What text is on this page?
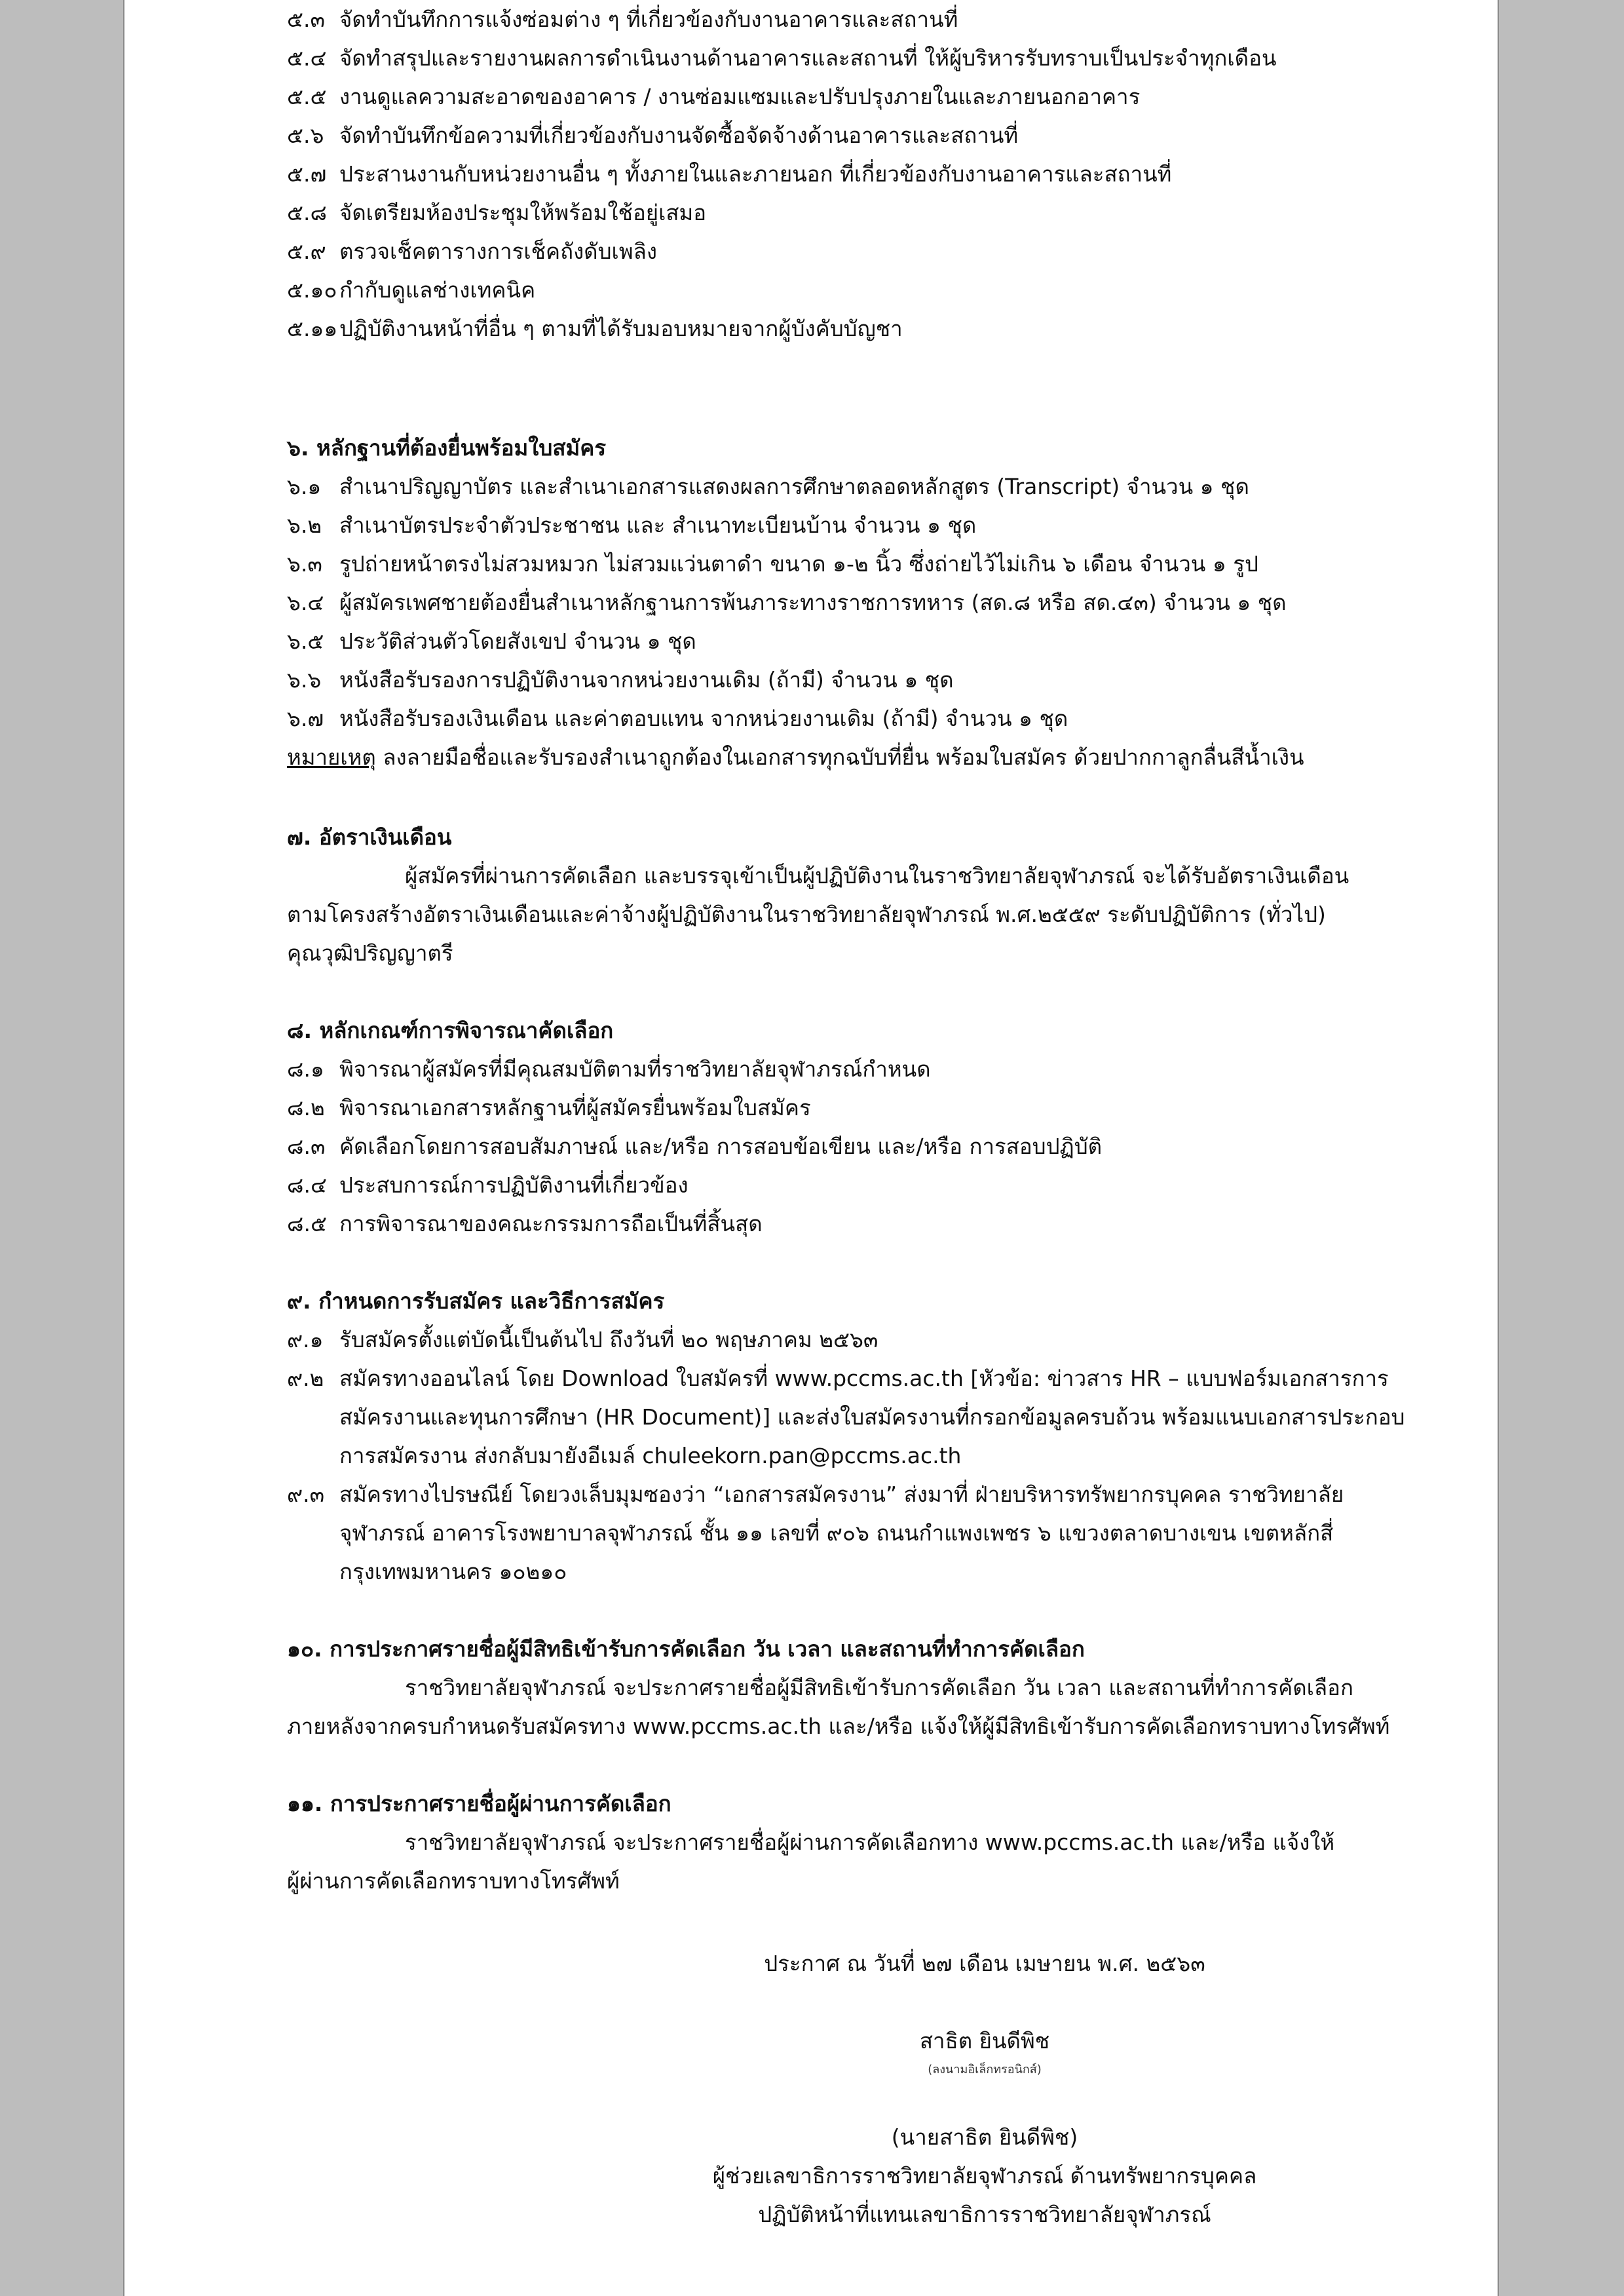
๕.๓ จัดทำบันทึกการแจ้งซ่อมต่าง ๆ ที่เกี่ยวข้องกับงานอาคารและสถานที่
๕.๔ จัดทำสรุปและรายงานผลการดำเนินงานด้านอาคารและสถานที่ ให้ผู้บริหารรับทราบเป็นประจำทุกเดือน
๕.๕ งานดูแลความสะอาดของอาคาร / งานซ่อมแซมและปรับปรุงภายในและภายนอกอาคาร
๕.๖ จัดทำบันทึกข้อความที่เกี่ยวข้องกับงานจัดซื้อจัดจ้างด้านอาคารและสถานที่
๕.๗ ประสานงานกับหน่วยงานอื่น ๆ ทั้งภายในและภายนอก ที่เกี่ยวข้องกับงานอาคารและสถานที่
๕.๘ จัดเตรียมห้องประชุมให้พร้อมใช้อยู่เสมอ
๕.๙ ตรวจเช็คตารางการเช็คถังดับเพลิง
๕.๑๐ กำกับดูแลช่างเทคนิค
๕.๑๑ปฏิบัติงานหน้าที่อื่น ๆ ตามที่ได้รับมอบหมายจากผู้บังคับบัญชา
๖. หลักฐานที่ต้องยื่นพร้อมใบสมัคร
๖.๑ สำเนาปริญญาบัตร และสำเนาเอกสารแสดงผลการศึกษาตลอดหลักสูตร (Transcript) จำนวน ๑ ชุด
๖.๒ สำเนาบัตรประจำตัวประชาชน และ สำเนาทะเบียนบ้าน จำนวน ๑ ชุด
๖.๓ รูปถ่ายหน้าตรงไม่สวมหมวก ไม่สวมแว่นตาดำ ขนาด ๑-๒ นิ้ว ซึ่งถ่ายไว้ไม่เกิน ๖ เดือน จำนวน ๑ รูป
๖.๔ ผู้สมัครเพศชายต้องยื่นสำเนาหลักฐานการพ้นภาระทางราชการทหาร (สด.๘ หรือ สด.๔๓) จำนวน ๑ ชุด
๖.๕ ประวัติส่วนตัวโดยสังเขป จำนวน ๑ ชุด
๖.๖ หนังสือรับรองการปฏิบัติงานจากหน่วยงานเดิม (ถ้ามี) จำนวน ๑ ชุด
๖.๗ หนังสือรับรองเงินเดือน และค่าตอบแทน จากหน่วยงานเดิม (ถ้ามี) จำนวน ๑ ชุด
หมายเหตุ ลงลายมือชื่อและรับรองสำเนาถูกต้องในเอกสารทุกฉบับที่ยื่น พร้อมใบสมัคร ด้วยปากกาลูกลื่นสีน้ำเงิน
๗. อัตราเงินเดือน
ผู้สมัครที่ผ่านการคัดเลือก และบรรจุเข้าเป็นผู้ปฏิบัติงานในราชวิทยาลัยจุฬาภรณ์ จะได้รับอัตราเงินเดือน
ตามโครงสร้างอัตราเงินเดือนและค่าจ้างผู้ปฏิบัติงานในราชวิทยาลัยจุฬาภรณ์ พ.ศ.๒๕๕๙ ระดับปฏิบัติการ (ทั่วไป)
คุณวุฒิปริญญาตรี
๘. หลักเกณฑ์การพิจารณาคัดเลือก
๘.๑ พิจารณาผู้สมัครที่มีคุณสมบัติตามที่ราชวิทยาลัยจุฬาภรณ์กำหนด
๘.๒ พิจารณาเอกสารหลักฐานที่ผู้สมัครยื่นพร้อมใบสมัคร
๘.๓ คัดเลือกโดยการสอบสัมภาษณ์ และ/หรือ การสอบข้อเขียน และ/หรือ การสอบปฏิบัติ
๘.๔ ประสบการณ์การปฏิบัติงานที่เกี่ยวข้อง
๘.๕ การพิจารณาของคณะกรรมการถือเป็นที่สิ้นสุด
๙. กำหนดการรับสมัคร และวิธีการสมัคร
๙.๑ รับสมัครตั้งแต่บัดนี้เป็นต้นไป ถึงวันที่ ๒๐ พฤษภาคม ๒๕๖๓
๙.๒ สมัครทางออนไลน์ โดย Download ใบสมัครที่ www.pccms.ac.th [หัวข้อ: ข่าวสาร HR – แบบฟอร์มเอกสารการ
สมัครงานและทุนการศึกษา (HR Document)] และส่งใบสมัครงานที่กรอกข้อมูลครบถ้วน พร้อมแนบเอกสารประกอบ
การสมัครงาน ส่งกลับมายังอีเมล์ chuleekorn.pan@pccms.ac.th
๙.๓ สมัครทางไปรษณีย์ โดยวงเล็บมุมซองว่า “เอกสารสมัครงาน” ส่งมาที่ ฝ่ายบริหารทรัพยากรบุคคล ราชวิทยาลัย
จุฬาภรณ์ อาคารโรงพยาบาลจุฬาภรณ์ ชั้น ๑๑ เลขที่ ๙๐๖ ถนนกำแพงเพชร ๖ แขวงตลาดบางเขน เขตหลักสี่
กรุงเทพมหานคร ๑๐๒๑๐
๑๐. การประกาศรายชื่อผู้มีสิทธิเข้ารับการคัดเลือก วัน เวลา และสถานที่ทำการคัดเลือก
ราชวิทยาลัยจุฬาภรณ์ จะประกาศรายชื่อผู้มีสิทธิเข้ารับการคัดเลือก วัน เวลา และสถานที่ทำการคัดเลือก
ภายหลังจากครบกำหนดรับสมัครทาง www.pccms.ac.th และ/หรือ แจ้งให้ผู้มีสิทธิเข้ารับการคัดเลือกทราบทางโทรศัพท์
๑๑. การประกาศรายชื่อผู้ผ่านการคัดเลือก
ราชวิทยาลัยจุฬาภรณ์ จะประกาศรายชื่อผู้ผ่านการคัดเลือกทาง www.pccms.ac.th และ/หรือ แจ้งให้
ผู้ผ่านการคัดเลือกทราบทางโทรศัพท์
ประกาศ ณ วันที่ ๒๗ เดือน เมษายน พ.ศ. ๒๕๖๓
สาธิต ยินดีพิช
(ลงนามอิเล็กทรอนิกส์)
(นายสาธิต ยินดีพิช)
ผู้ช่วยเลขาธิการราชวิทยาลัยจุฬาภรณ์ ด้านทรัพยากรบุคคล
ปฏิบัติหน้าที่แทนเลขาธิการราชวิทยาลัยจุฬาภรณ์
